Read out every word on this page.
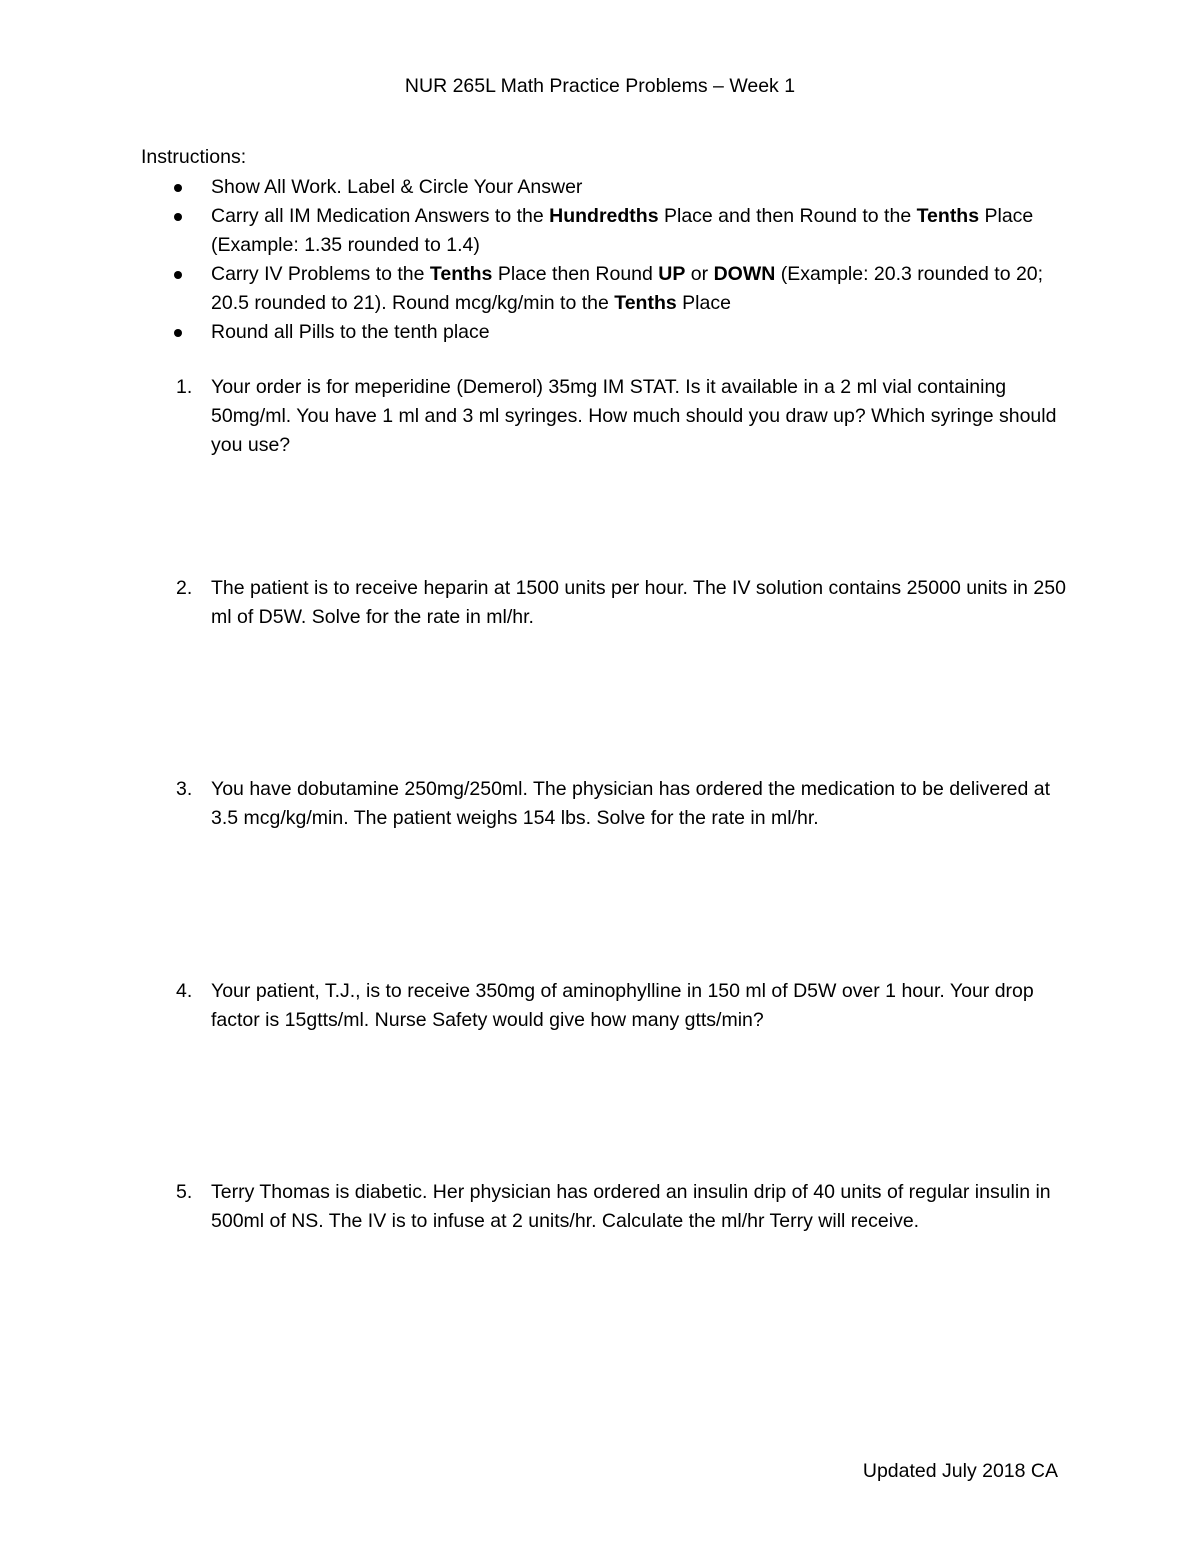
NUR 265L Math Practice Problems – Week 1
Instructions:
Show All Work. Label & Circle Your Answer
Carry all IM Medication Answers to the Hundredths Place and then Round to the Tenths Place (Example: 1.35 rounded to 1.4)
Carry IV Problems to the Tenths Place then Round UP or DOWN (Example: 20.3 rounded to 20; 20.5 rounded to 21). Round mcg/kg/min to the Tenths Place
Round all Pills to the tenth place
1. Your order is for meperidine (Demerol) 35mg IM STAT. Is it available in a 2 ml vial containing 50mg/ml. You have 1 ml and 3 ml syringes. How much should you draw up? Which syringe should you use?
2. The patient is to receive heparin at 1500 units per hour. The IV solution contains 25000 units in 250 ml of D5W. Solve for the rate in ml/hr.
3. You have dobutamine 250mg/250ml. The physician has ordered the medication to be delivered at 3.5 mcg/kg/min. The patient weighs 154 lbs. Solve for the rate in ml/hr.
4. Your patient, T.J., is to receive 350mg of aminophylline in 150 ml of D5W over 1 hour. Your drop factor is 15gtts/ml. Nurse Safety would give how many gtts/min?
5. Terry Thomas is diabetic. Her physician has ordered an insulin drip of 40 units of regular insulin in 500ml of NS. The IV is to infuse at 2 units/hr. Calculate the ml/hr Terry will receive.
Updated July 2018 CA
